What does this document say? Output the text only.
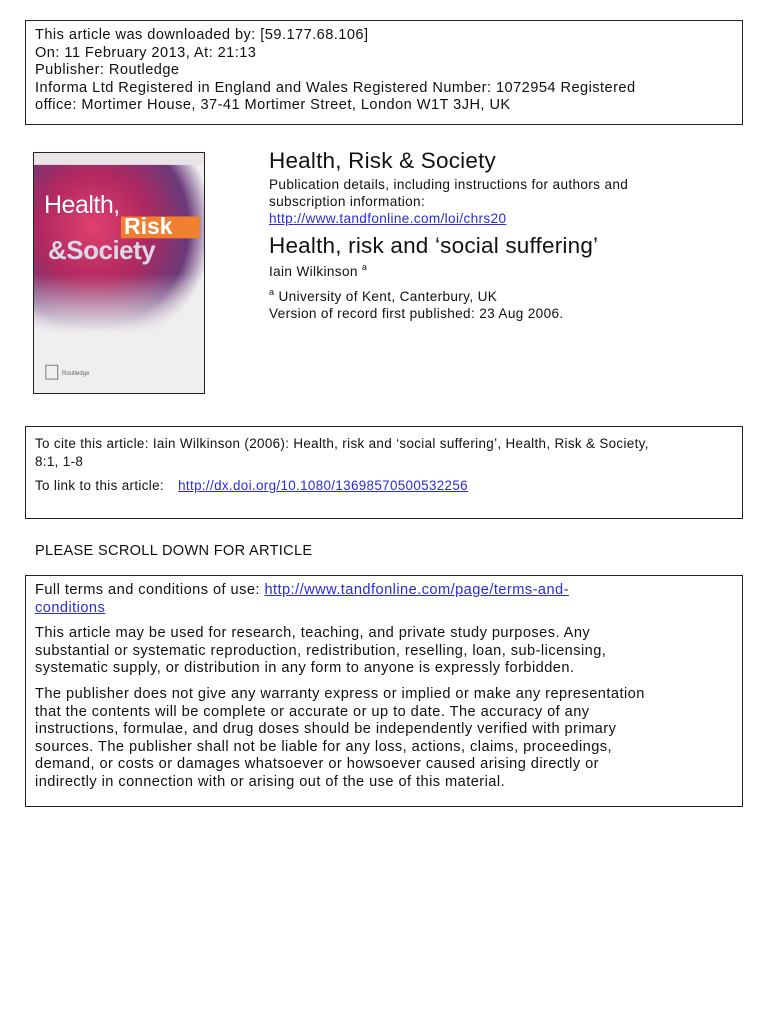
This article was downloaded by: [59.177.68.106]
On: 11 February 2013, At: 21:13
Publisher: Routledge
Informa Ltd Registered in England and Wales Registered Number: 1072954 Registered
office: Mortimer House, 37-41 Mortimer Street, London W1T 3JH, UK
Health,
Risk
&Society
Routledge
Health, Risk & Society
Publication details, including instructions for authors and
subscription information:
http://www.tandfonline.com/loi/chrs20
Health, risk and ‘social suffering’
Iain Wilkinson $^a$
$^a$ University of Kent, Canterbury, UK
Version of record first published: 23 Aug 2006.
To cite this article: Iain Wilkinson (2006): Health, risk and ‘social suffering’, Health, Risk & Society,
8:1, 1-8
To link to this article: http://dx.doi.org/10.1080/13698570500532256
PLEASE SCROLL DOWN FOR ARTICLE
Full terms and conditions of use: http://www.tandfonline.com/page/terms-and-
conditions
This article may be used for research, teaching, and private study purposes. Any
substantial or systematic reproduction, redistribution, reselling, loan, sub-licensing,
systematic supply, or distribution in any form to anyone is expressly forbidden.
The publisher does not give any warranty express or implied or make any representation
that the contents will be complete or accurate or up to date. The accuracy of any
instructions, formulae, and drug doses should be independently verified with primary
sources. The publisher shall not be liable for any loss, actions, claims, proceedings,
demand, or costs or damages whatsoever or howsoever caused arising directly or
indirectly in connection with or arising out of the use of this material.
